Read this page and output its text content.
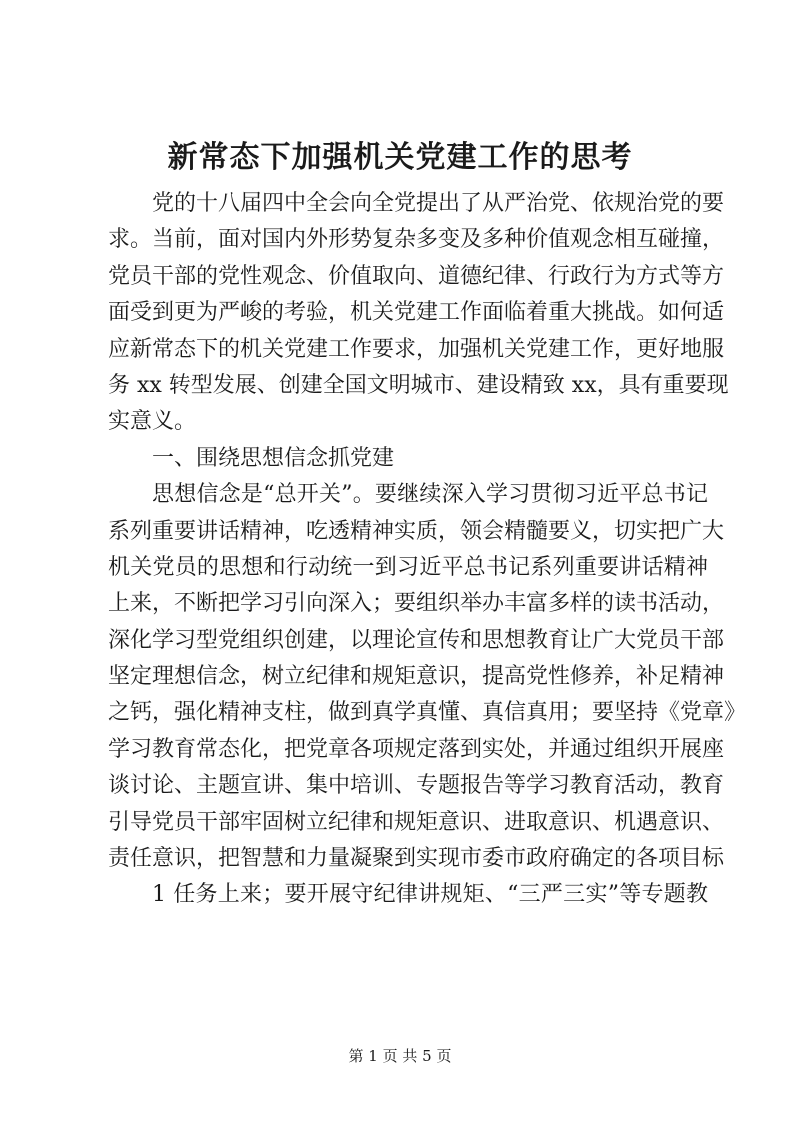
新常态下加强机关党建工作的思考
党的十八届四中全会向全党提出了从严治党、依规治党的要
求。当前，面对国内外形势复杂多变及多种价值观念相互碰撞，
党员干部的党性观念、价值取向、道德纪律、行政行为方式等方
面受到更为严峻的考验，机关党建工作面临着重大挑战。如何适
应新常态下的机关党建工作要求，加强机关党建工作，更好地服
务 xx 转型发展、创建全国文明城市、建设精致 xx，具有重要现
实意义。
一、围绕思想信念抓党建
思想信念是“总开关”。要继续深入学习贯彻习近平总书记
系列重要讲话精神，吃透精神实质，领会精髓要义，切实把广大
机关党员的思想和行动统一到习近平总书记系列重要讲话精神
上来，不断把学习引向深入；要组织举办丰富多样的读书活动，
深化学习型党组织创建，以理论宣传和思想教育让广大党员干部
坚定理想信念，树立纪律和规矩意识，提高党性修养，补足精神
之钙，强化精神支柱，做到真学真懂、真信真用；要坚持《党章》
学习教育常态化，把党章各项规定落到实处，并通过组织开展座
谈讨论、主题宣讲、集中培训、专题报告等学习教育活动，教育
引导党员干部牢固树立纪律和规矩意识、进取意识、机遇意识、
责任意识，把智慧和力量凝聚到实现市委市政府确定的各项目标
1 任务上来；要开展守纪律讲规矩、“三严三实”等专题教
第 1 页 共 5 页
